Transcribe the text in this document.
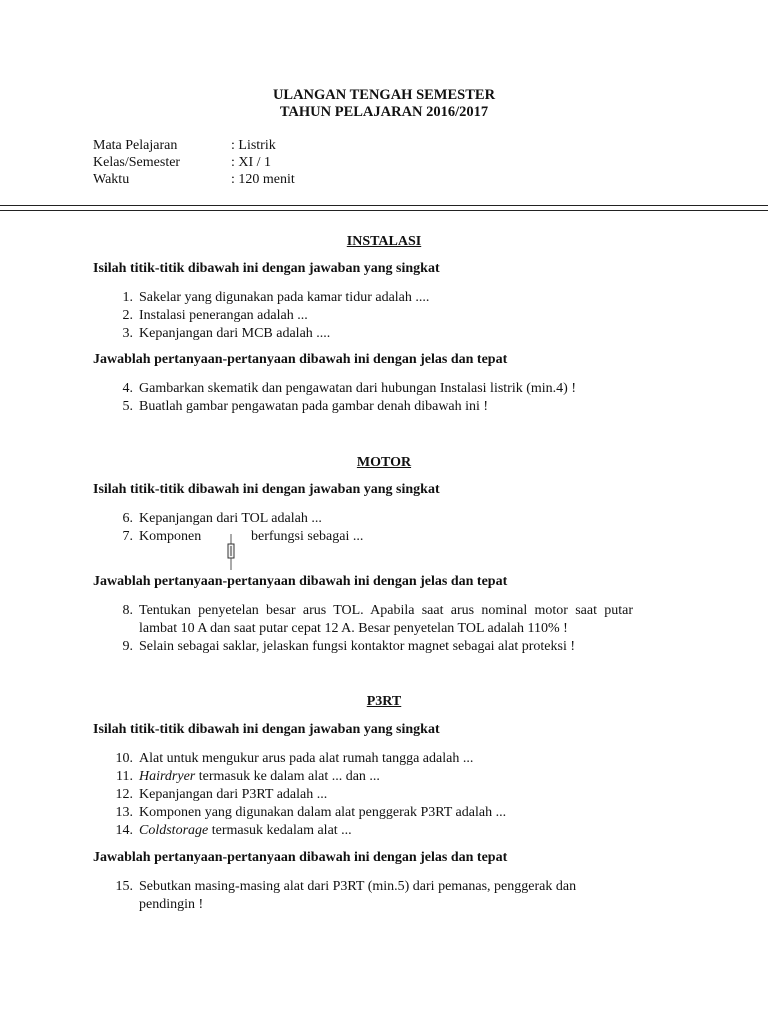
ULANGAN TENGAH SEMESTER
TAHUN PELAJARAN 2016/2017
Mata Pelajaran	: Listrik
Kelas/Semester	: XI / 1
Waktu	: 120 menit
INSTALASI
Isilah titik-titik dibawah ini dengan jawaban yang singkat
1. Sakelar yang digunakan pada kamar tidur adalah ....
2. Instalasi penerangan adalah ...
3. Kepanjangan dari MCB adalah ....
Jawablah pertanyaan-pertanyaan dibawah ini dengan jelas dan tepat
4. Gambarkan skematik dan pengawatan dari hubungan Instalasi listrik (min.4) !
5. Buatlah gambar pengawatan pada gambar denah dibawah ini !
MOTOR
Isilah titik-titik dibawah ini dengan jawaban yang singkat
6. Kepanjangan dari TOL adalah ...
7. Komponen	berfungsi sebagai ...
Jawablah pertanyaan-pertanyaan dibawah ini dengan jelas dan tepat
8. Tentukan penyetelan besar arus TOL. Apabila saat arus nominal motor saat putar
lambat 10 A dan saat putar cepat 12 A. Besar penyetelan TOL adalah 110% !
9. Selain sebagai saklar, jelaskan fungsi kontaktor magnet sebagai alat proteksi !
P3RT
Isilah titik-titik dibawah ini dengan jawaban yang singkat
10. Alat untuk mengukur arus pada alat rumah tangga adalah ...
11. Hairdryer termasuk ke dalam alat ... dan ...
12. Kepanjangan dari P3RT adalah ...
13. Komponen yang digunakan dalam alat penggerak P3RT adalah ...
14. Coldstorage termasuk kedalam alat ...
Jawablah pertanyaan-pertanyaan dibawah ini dengan jelas dan tepat
15. Sebutkan masing-masing alat dari P3RT (min.5) dari pemanas, penggerak dan
pendingin !
